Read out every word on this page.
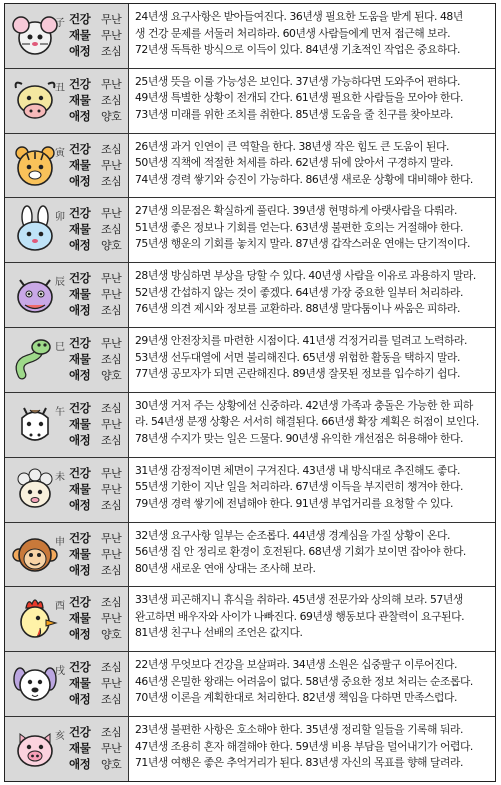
子 건강 무난
재물 무난
애정 조심
24년생 요구사항은 받아들여진다. 36년생 필요한 도움을 받게 된다. 48년
생 건강 문제를 서둘러 처리하라. 60년생 사람들에게 먼저 접근해 보라.
72년생 독특한 방식으로 이득이 있다. 84년생 기초적인 작업은 중요하다.
丑 건강 무난
재물 조심
애정 양호
25년생 뜻을 이룰 가능성은 보인다. 37년생 가능하다면 도와주어 편하다.
49년생 특별한 상황이 전개되 간다. 61년생 필요한 사람들을 모아야 한다.
73년생 미래를 위한 조치를 취한다. 85년생 도움을 줄 친구를 찾아보라.
寅 건강 조심
재물 무난
애정 조심
26년생 과거 인연이 큰 역할을 한다. 38년생 작은 힘도 큰 도움이 된다.
50년생 직책에 적절한 처세를 하라. 62년생 뒤에 앉아서 구경하지 말라.
74년생 경력 쌓기와 승진이 가능하다. 86년생 새로운 상황에 대비해야 한다.
卯 건강 무난
재물 조심
애정 양호
27년생 의문점은 확실하게 풀린다. 39년생 현명하게 아랫사람을 다뤄라.
51년생 좋은 정보나 기회를 얻는다. 63년생 불편한 호의는 거절해야 한다.
75년생 행운의 기회를 놓치지 말라. 87년생 갑작스러운 연애는 단기적이다.
辰 건강 무난
재물 무난
애정 조심
28년생 방심하면 부상을 당할 수 있다. 40년생 사람을 이유로 과용하지 말라.
52년생 간섭하지 않는 것이 좋겠다. 64년생 가장 중요한 일부터 처리하라.
76년생 의견 제시와 정보를 교환하라. 88년생 말다툼이나 싸움은 피하라.
巳 건강 무난
재물 조심
애정 양호
29년생 안전장치를 마련한 시점이다. 41년생 걱정거리를 덜려고 노력하라.
53년생 선두대열에 서면 불리해진다. 65년생 위험한 활동을 택하지 말라.
77년생 공모자가 되면 곤란해진다. 89년생 잘못된 정보를 입수하기 쉽다.
午 건강 조심
재물 무난
애정 조심
30년생 거저 주는 상황에선 신중하라. 42년생 가족과 충돌은 가능한 한 피하
라. 54년생 분쟁 상황은 서서히 해결된다. 66년생 확장 계획은 허점이 보인다.
78년생 수지가 맞는 일은 드물다. 90년생 유익한 개선점은 허용해야 한다.
未 건강 무난
재물 무난
애정 조심
31년생 감정적이면 체면이 구겨진다. 43년생 내 방식대로 추진해도 좋다.
55년생 기한이 지난 일을 처리하라. 67년생 이득을 부지런히 챙겨야 한다.
79년생 경력 쌓기에 전념해야 한다. 91년생 부업거리를 요청할 수 있다.
申 건강 무난
재물 무난
애정 조심
32년생 요구사항 일부는 순조롭다. 44년생 경계심을 가질 상황이 온다.
56년생 집 안 정리로 환경이 호전된다. 68년생 기회가 보이면 잡아야 한다.
80년생 새로운 연애 상대는 조사해 보라.
酉 건강 조심
재물 무난
애정 양호
33년생 피곤해지니 휴식을 취하라. 45년생 전문가와 상의해 보라. 57년생
완고하면 배우자와 사이가 나빠진다. 69년생 행동보다 관찰력이 요구된다.
81년생 친구나 선배의 조언은 값지다.
戌 건강 조심
재물 무난
애정 조심
22년생 무엇보다 건강을 보살펴라. 34년생 소원은 십중팔구 이루어진다.
46년생 은밀한 왕래는 어려움이 없다. 58년생 중요한 정보 처리는 순조롭다.
70년생 이론을 계획한대로 처리한다. 82년생 책임을 다하면 만족스럽다.
亥 건강 조심
재물 무난
애정 양호
23년생 불편한 사항은 호소해야 한다. 35년생 정리할 일들을 기록해 둬라.
47년생 조용히 혼자 해결해야 한다. 59년생 비용 부담을 덜어내기가 어렵다.
71년생 여행은 좋은 추억거리가 된다. 83년생 자신의 목표를 향해 달려라.
